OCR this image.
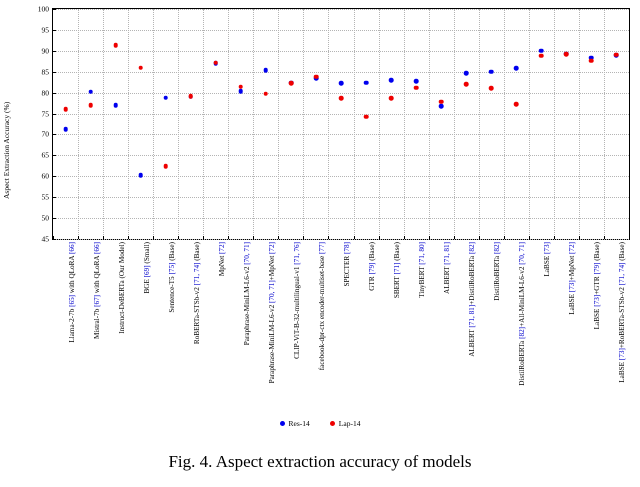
Aspect Extraction Accuracy (%)
45
50
55
60
65
70
75
80
85
90
95
100
Llama-2-7b [65] with QLoRA [66]
Mistral-7b [67] with QLoRA [66] Instruct-DeBERTa (Our Model) BGE [69] (Small)
Sentence-T5 [75] (Base)
RoBERTa-STSb-v2 [71, 74] (Base)
MpNet [72]
Paraphrase-MiniLM-L6-v2 [70, 71]
Paraphrase-MiniLM-L6-v2 [70, 71]+MpNet [72]
CLIP-ViT-B-32-multilingual-v1 [71, 76]
facebook-dpr-ctx encoder-multiset-base [77]
SPECTER [78]
GTR [79] (Base)
SBERT [71] (Base)
TinyBERT [71, 80]
ALBERT [71, 81]
ALBERT [71, 81]+DistilRoBERTa [82]
DistilRoBERTa [82]
DistilRoBERTa [82]+All-MiniLM-L6-v2 [70, 71]
LaBSE [73]
LaBSE [73]+MpNet [72]
LaBSE [73]+GTR [79] (Base)
LaBSE [73]+RoBERTa-STSb-v2 [71, 74] (Base)
Res-14	Lap-14
Fig. 4. Aspect extraction accuracy of models
